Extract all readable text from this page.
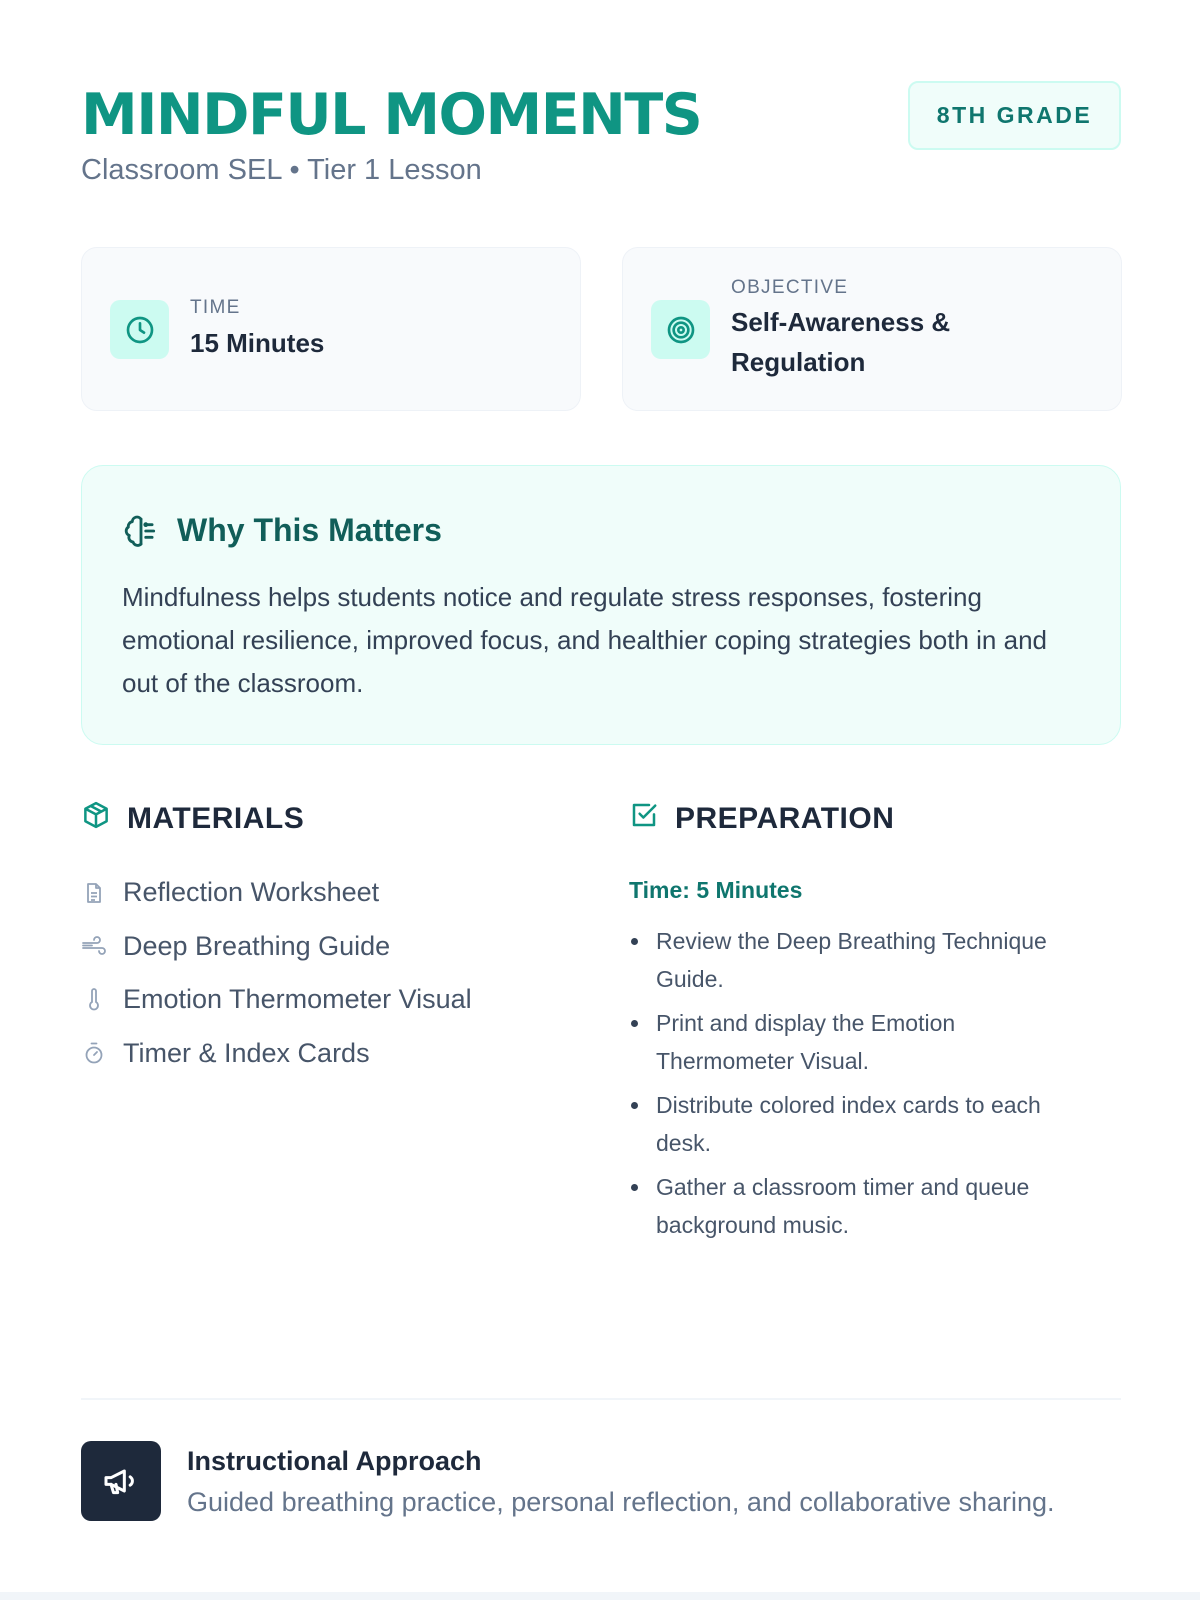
MINDFUL MOMENTS
Classroom SEL • Tier 1 Lesson
8TH GRADE
TIME
15 Minutes
OBJECTIVE
Self-Awareness & Regulation
Why This Matters

Mindfulness helps students notice and regulate stress responses, fostering emotional resilience, improved focus, and healthier coping strategies both in and out of the classroom.

MATERIALS
Reflection Worksheet
Deep Breathing Guide
Emotion Thermometer Visual
Timer & Index Cards
PREPARATION
Time: 5 Minutes
Review the Deep Breathing Technique Guide.
Print and display the Emotion Thermometer Visual.
Distribute colored index cards to each desk.
Gather a classroom timer and queue background music.
Instructional Approach
Guided breathing practice, personal reflection, and collaborative sharing.
